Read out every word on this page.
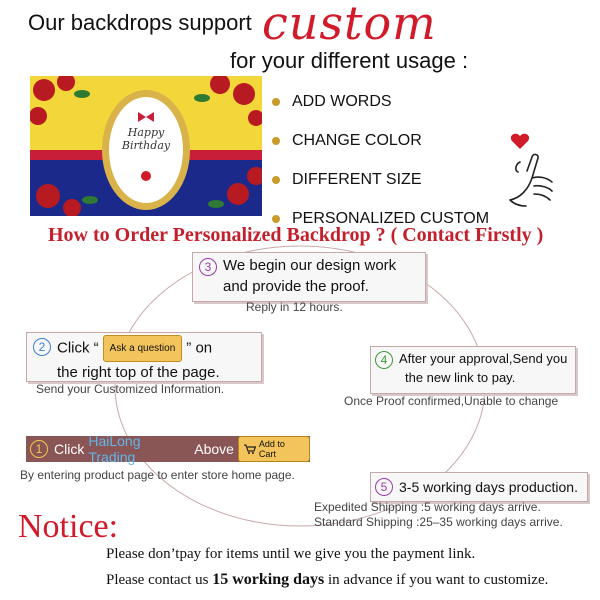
Our backdrops support custom
for your different usage :
Happy
Birthday
ADD WORDS
CHANGE COLOR
DIFFERENT SIZE
PERSONALIZED CUSTOM
How to Order Personalized Backdrop ? ( Contact Firstly )
3 We begin our design work
and provide the proof.
Reply in 12 hours.
2 Click “ Ask a question ” on
the right top of the page.
Send your Customized Information.
4 After your approval,Send you
the new link to pay.
Once Proof confirmed,Unable to change
1 Click HaiLong Trading	Above	Add to Cart
By entering product page to enter store home page.
5 3-5 working days production.
Expedited Shipping :5 working days arrive.
Standard Shipping :25–35 working days arrive.
Notice:
Please don’tpay for items until we give you the payment link.
Please contact us 15 working days in advance if you want to customize.
